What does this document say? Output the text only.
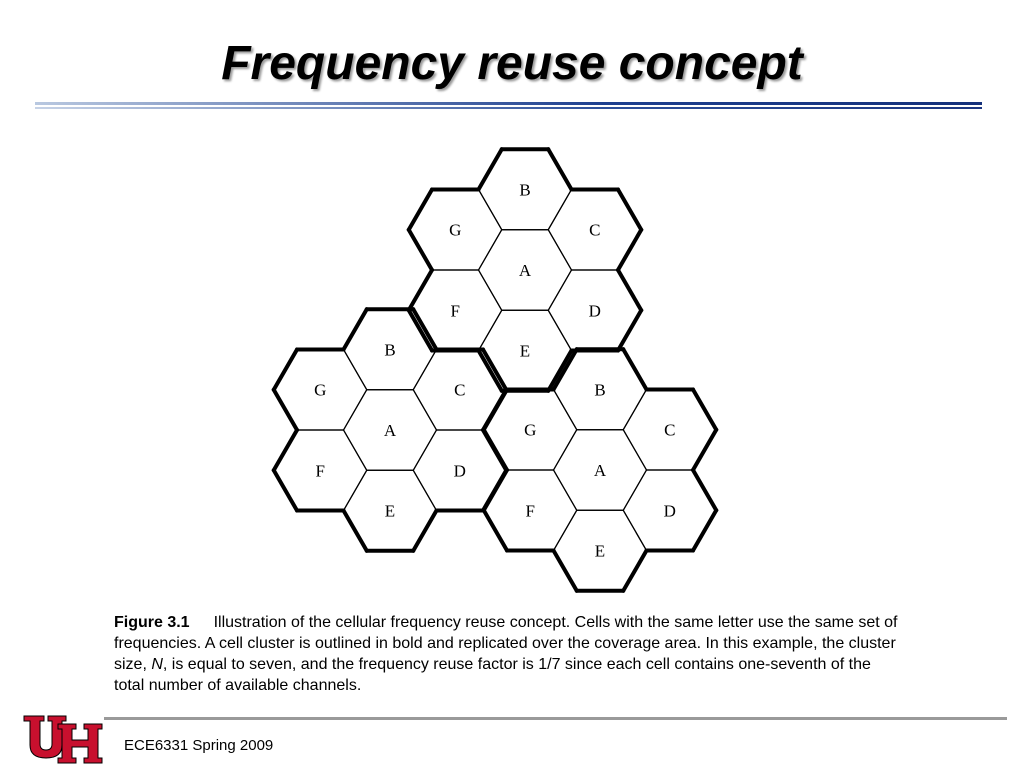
Frequency reuse concept
A
B
C
D
E
F
G
A
B
C
D
E
F
G
A
B
C
D
E
F
G
Figure 3.1 Illustration of the cellular frequency reuse concept. Cells with the same letter use the same set of frequencies. A cell cluster is outlined in bold and replicated over the coverage area. In this example, the cluster size, N, is equal to seven, and the frequency reuse factor is 1/7 since each cell contains one-seventh of the total number of available channels.
ECE6331 Spring 2009
